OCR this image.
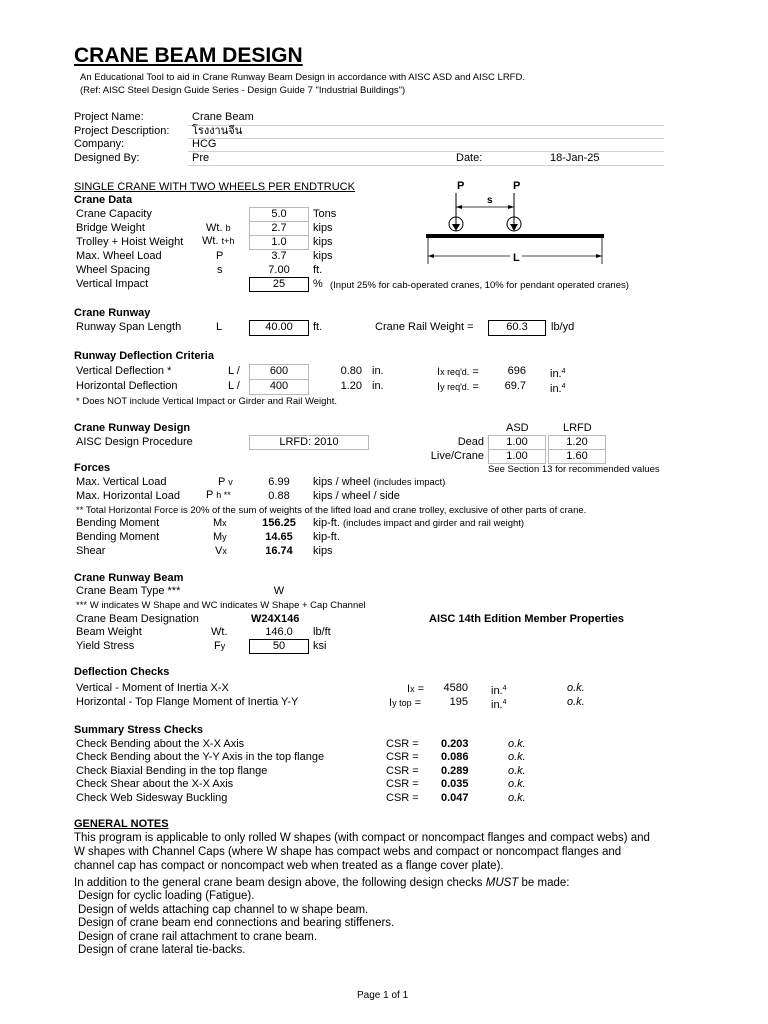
CRANE BEAM DESIGN
An Educational Tool to aid in Crane Runway Beam Design in accordance with AISC ASD and AISC LRFD.
(Ref: AISC Steel Design Guide Series - Design Guide 7 "Industrial Buildings")
Project Name:	Crane Beam
Project Description: โรงงานจีน
Company:	HCG
Designed By:	Pre	Date:	18-Jan-25
SINGLE CRANE WITH TWO WHEELS PER ENDTRUCK	P	P
s
L
Crane Data
Crane Capacity	5.0	Tons
Bridge Weight	Wt. b	2.7	kips
Trolley + Hoist Weight	Wt. t+h	1.0	kips
Max. Wheel Load	P	3.7	kips
Wheel Spacing	s	7.00	ft.
Vertical Impact	25	% (Input 25% for cab-operated cranes, 10% for pendant operated cranes)
Crane Runway
Runway Span Length	L	40.00	ft.	Crane Rail Weight =	60.3	lb/yd
Runway Deflection Criteria
Vertical Deflection *	L /	600	0.80 in.	Ix req'd. =	696 in.$^4$
Horizontal Deflection	L /	400	1.20 in.	Iy req'd. =	69.7 in.$^4$
* Does NOT include Vertical Impact or Girder and Rail Weight.
Crane Runway Design	ASD	LRFD
AISC Design Procedure	LRFD: 2010	Dead	1.00	1.20
Live/Crane	1.00	1.60
Forces	See Section 13 for recommended values
Max. Vertical Load	P v	6.99	kips / wheel (includes impact)
Max. Horizontal Load P h **	0.88	kips / wheel / side
** Total Horizontal Force is 20% of the sum of weights of the lifted load and crane trolley, exclusive of other parts of crane.
Bending Moment	Mx	156.25	kip-ft. (includes impact and girder and rail weight)
Bending Moment	My	14.65	kip-ft.
Shear	Vx	16.74	kips
Crane Runway Beam
Crane Beam Type ***	W
*** W indicates W Shape and WC indicates W Shape + Cap Channel
Crane Beam Designation	W24X146	AISC 14th Edition Member Properties
Beam Weight	Wt.	146.0	lb/ft
Yield Stress	Fy	50	ksi
Deflection Checks
Vertical - Moment of Inertia X-X	Ix =	4580 in.$^4$	o.k.
Horizontal - Top Flange Moment of Inertia Y-Y	Iy top =	195 in.$^4$	o.k.
Summary Stress Checks
Check Bending about the X-X Axis	CSR = 0.203	o.k.
Check Bending about the Y-Y Axis in the top flange	CSR = 0.086	o.k.
Check Biaxial Bending in the top flange	CSR = 0.289	o.k.
Check Shear about the X-X Axis	CSR = 0.035	o.k.
Check Web Sidesway Buckling	CSR = 0.047	o.k.
GENERAL NOTES
This program is applicable to only rolled W shapes (with compact or noncompact flanges and compact webs) and
W shapes with Channel Caps (where W shape has compact webs and compact or noncompact flanges and
channel cap has compact or noncompact web when treated as a flange cover plate).
In addition to the general crane beam design above, the following design checks MUST be made:
Design for cyclic loading (Fatigue).
Design of welds attaching cap channel to w shape beam.
Design of crane beam end connections and bearing stiffeners.
Design of crane rail attachment to crane beam.
Design of crane lateral tie-backs.
Page 1 of 1
